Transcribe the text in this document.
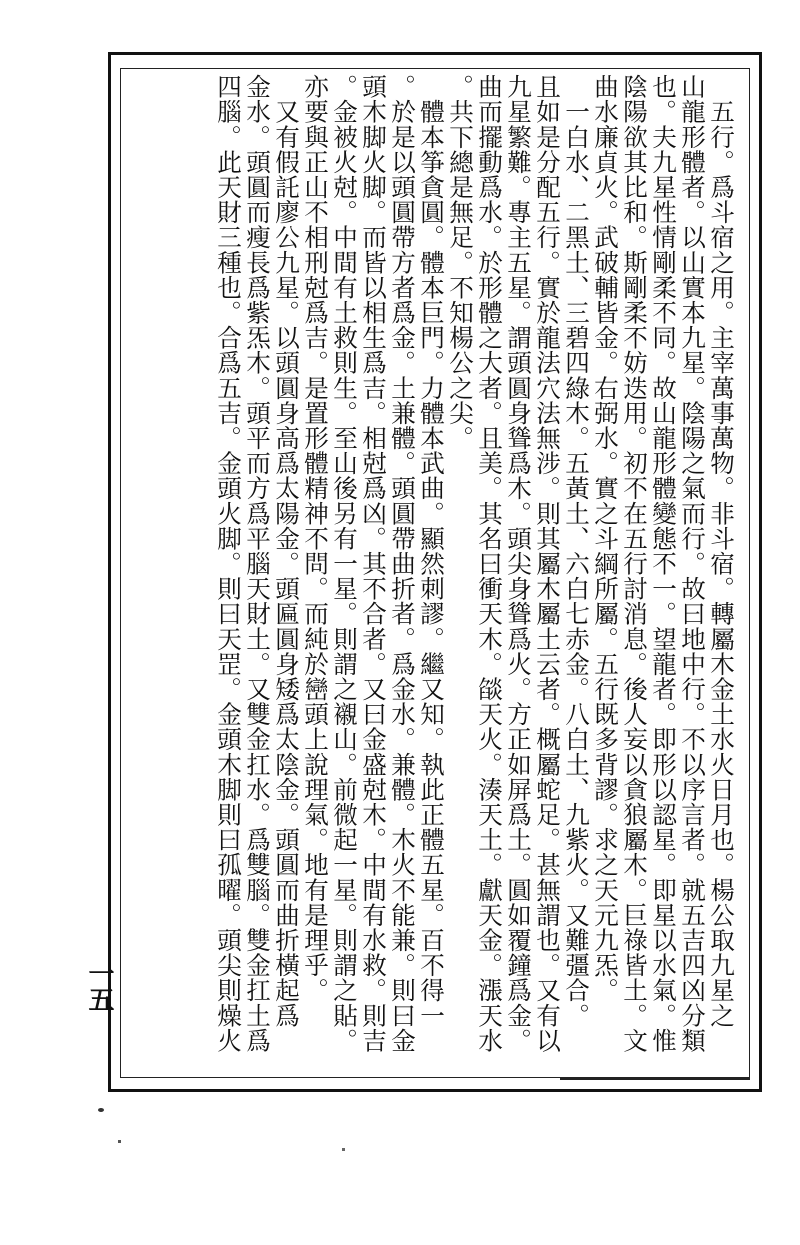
　五行。爲斗宿之用。主宰萬事萬物。非斗宿。轉屬木金土水火日月也。楊公取九星之
山龍形體者。以山實本九星。陰陽之氣而行。故曰地中行。不以序言者。就五吉四凶分類
也。夫九星性情剛柔不同。故山龍形體變態不一。望龍者。即形以認星。即星以水氣。惟
陰陽欲其比和。斯剛柔不妨迭用。初不在五行討消息。後人妄以貪狼屬木。巨祿皆土。文
曲水廉貞火。武破輔皆金。右弼水。實之斗綱所屬。五行既多背謬。求之天元九炁。
　一白水、二黑土、三碧四綠木。五黃土、六白七赤金。八白土、九紫火。又難彊合。
且如是分配五行。實於龍法穴法無涉。則其屬木屬土云者。概屬蛇足。甚無謂也。又有以
九星繁難。專主五星。謂頭圓身聳爲木。頭尖身聳爲火。方正如屏爲土。圓如覆鐘爲金。
曲而擺動爲水。於形體之大者。且美。其名曰衝天木。燄天火。湊天土。獻天金。漲天水
。共下總是無足。不知楊公之尖。
　體本筝貪圓。體本巨門。力體本武曲。顯然刺謬。繼又知。執此正體五星。百不得一
。於是以頭圓帶方者爲金。土兼體。頭圓帶曲折者。爲金水。兼體。木火不能兼。則曰金
頭木脚火脚。而皆以相生爲吉。相尅爲凶。其不合者。又曰金盛尅木。中間有水救。則吉
。金被火尅。中間有土救則生。至山後另有一星。則謂之襯山。前微起一星。則謂之貼。
亦要與正山不相刑尅爲吉。是置形體精神不問。而純於巒頭上說理氣。地有是理乎。
　又有假託廖公九星。以頭圓身高爲太陽金。頭匾圓身矮爲太陰金。頭圓而曲折橫起爲
金水。頭圓而瘦長爲紫炁木。頭平而方爲平腦天財土。又雙金扛水。爲雙腦。雙金扛土爲
四腦。此天財三種也。合爲五吉。金頭火脚。則曰天罡。金頭木脚則曰孤曜。頭尖則燥火
一五
